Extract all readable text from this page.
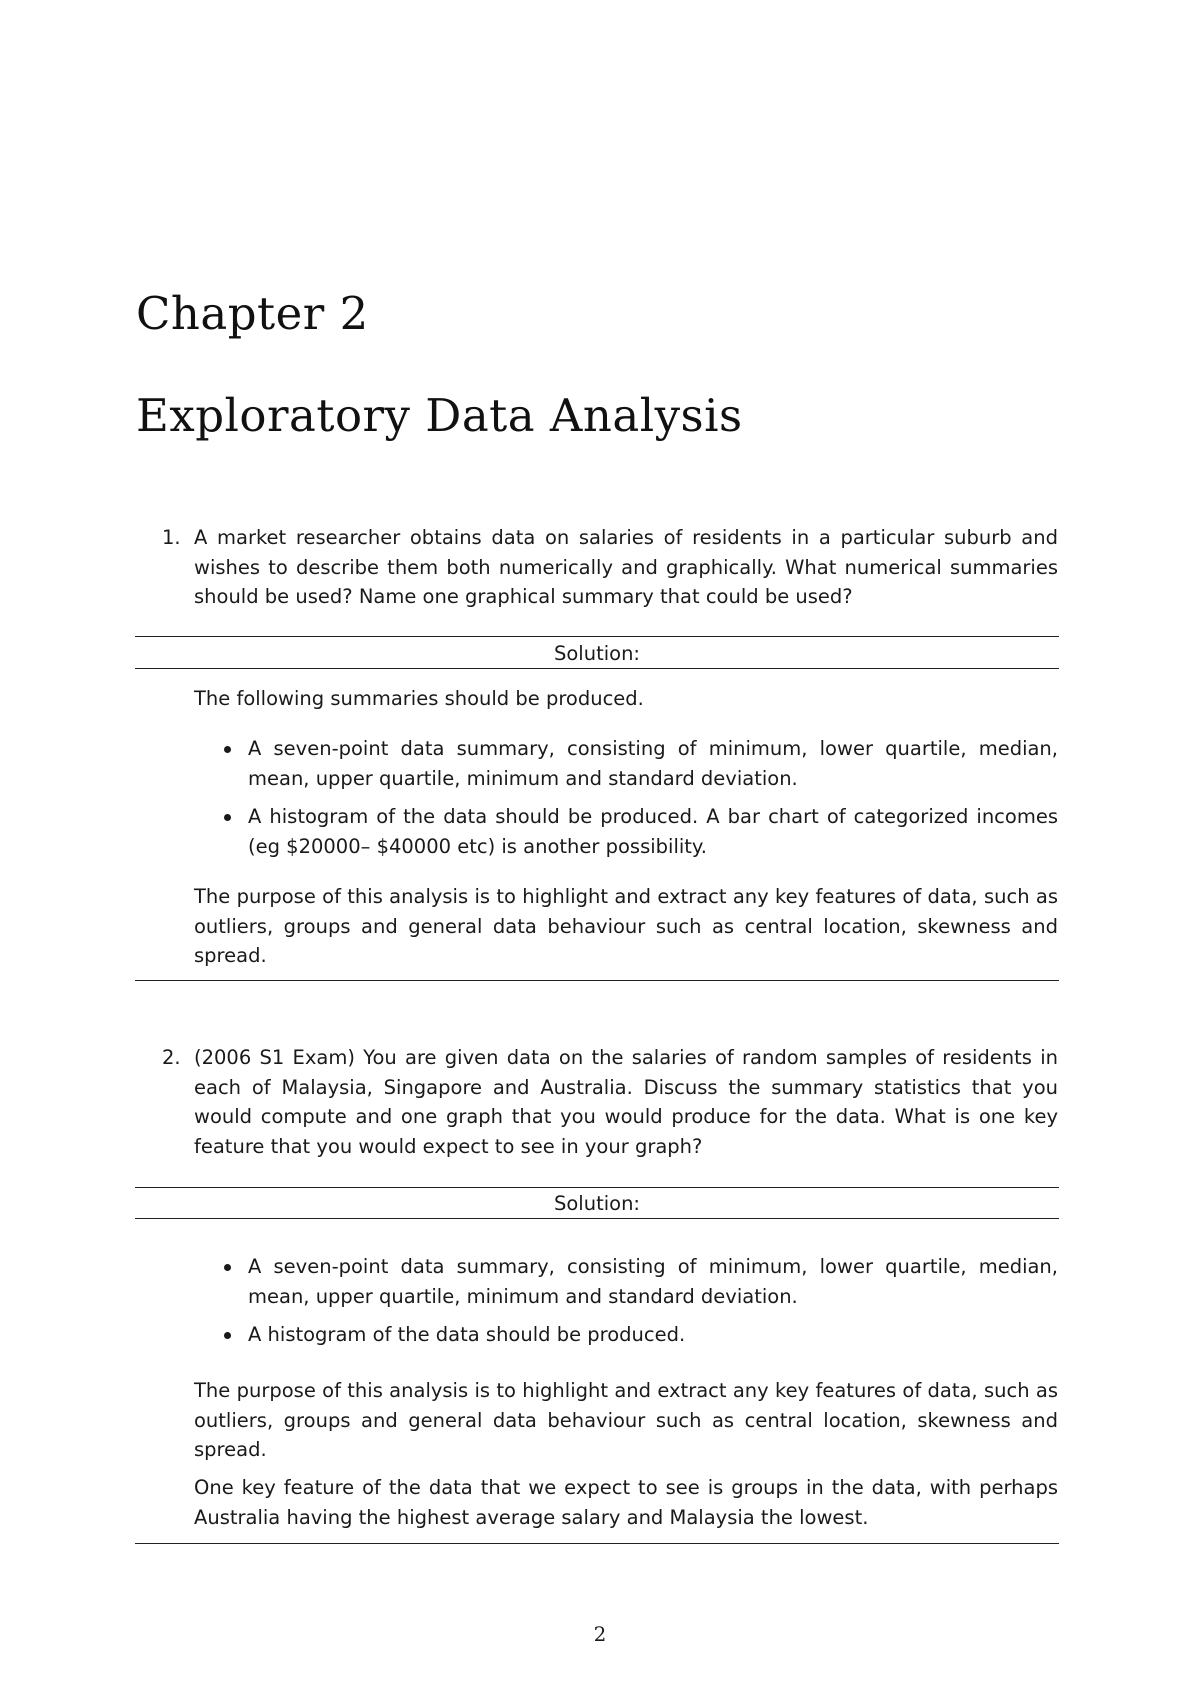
Chapter 2
Exploratory Data Analysis
1. A market researcher obtains data on salaries of residents in a particular suburb and wishes to describe them both numerically and graphically. What numerical summaries should be used? Name one graphical summary that could be used?
Solution:
The following summaries should be produced.
A seven-point data summary, consisting of minimum, lower quartile, median, mean, upper quartile, minimum and standard deviation.
A histogram of the data should be produced. A bar chart of categorized incomes (eg $20000– $40000 etc) is another possibility.
The purpose of this analysis is to highlight and extract any key features of data, such as outliers, groups and general data behaviour such as central location, skewness and spread.
2. (2006 S1 Exam) You are given data on the salaries of random samples of residents in each of Malaysia, Singapore and Australia. Discuss the summary statistics that you would compute and one graph that you would produce for the data. What is one key feature that you would expect to see in your graph?
Solution:
A seven-point data summary, consisting of minimum, lower quartile, median, mean, upper quartile, minimum and standard deviation.
A histogram of the data should be produced.
The purpose of this analysis is to highlight and extract any key features of data, such as outliers, groups and general data behaviour such as central location, skewness and spread.
One key feature of the data that we expect to see is groups in the data, with perhaps Australia having the highest average salary and Malaysia the lowest.
2
